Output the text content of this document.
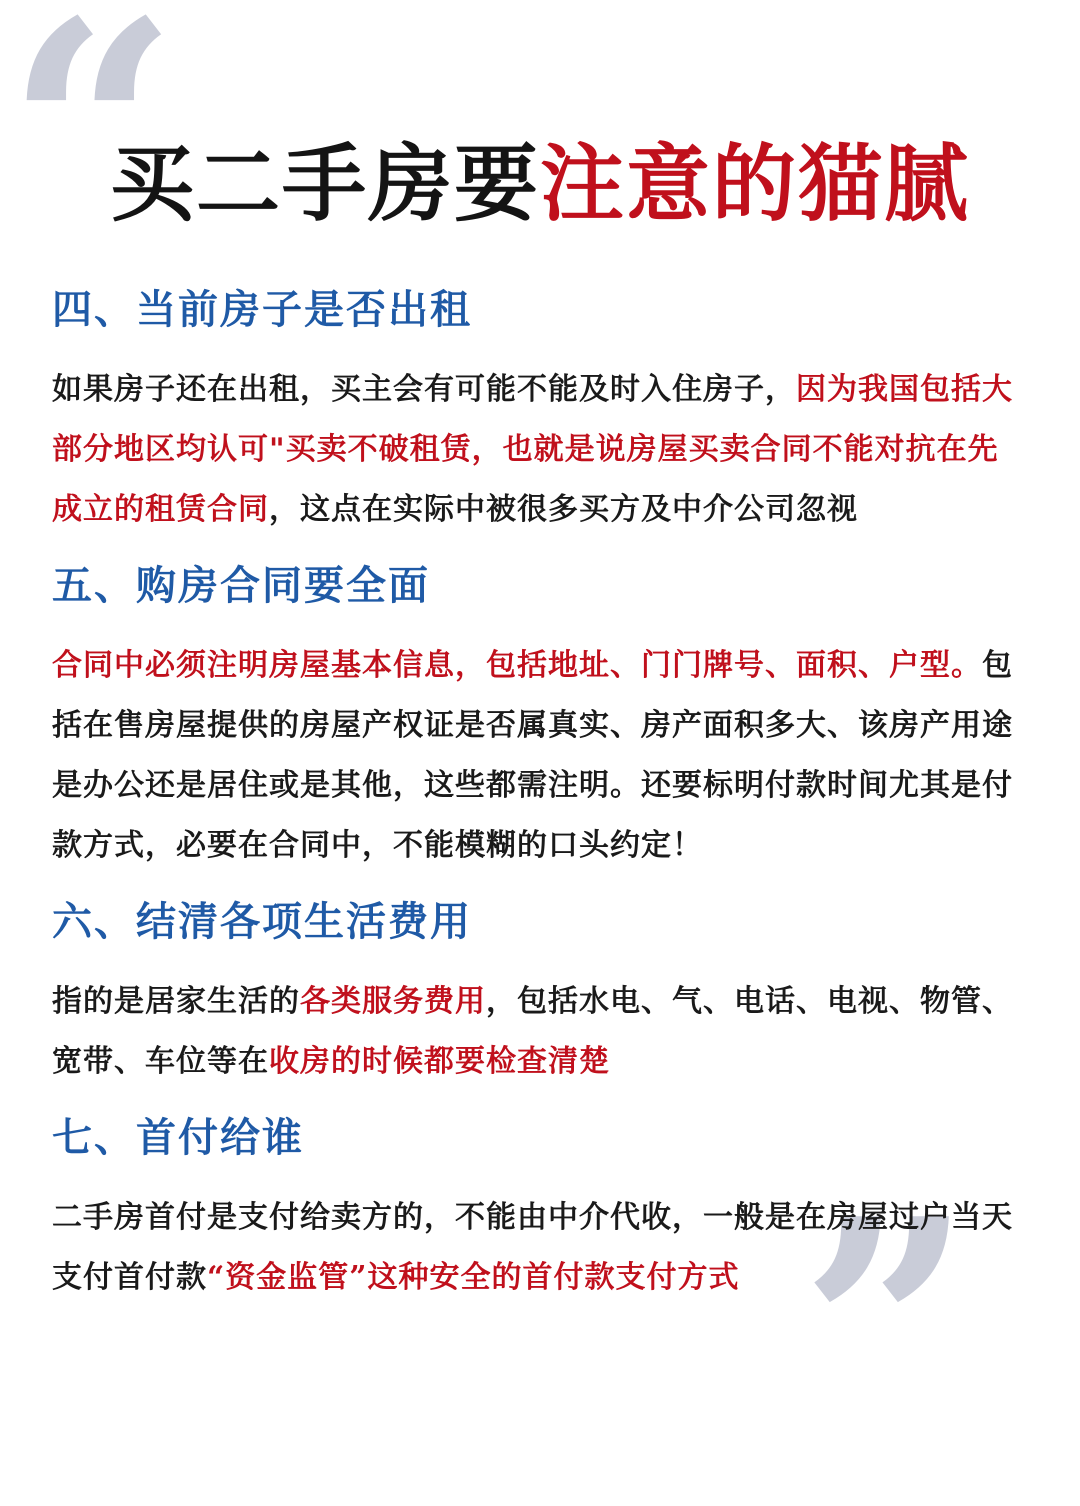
“
”
买二手房要注意的猫腻
四、当前房子是否出租

如果房子还在出租，买主会有可能不能及时入住房子，因为我国包括大部分地区均认可"买卖不破租赁，也就是说房屋买卖合同不能对抗在先成立的租赁合同，这点在实际中被很多买方及中介公司忽视

五、购房合同要全面

合同中必须注明房屋基本信息，包括地址、门门牌号、面积、户型。包括在售房屋提供的房屋产权证是否属真实、房产面积多大、该房产用途是办公还是居住或是其他，这些都需注明。还要标明付款时间尤其是付款方式，必要在合同中，不能模糊的口头约定！

六、结清各项生活费用

指的是居家生活的各类服务费用，包括水电、气、电话、电视、物管、宽带、车位等在收房的时候都要检查清楚

七、首付给谁

二手房首付是支付给卖方的，不能由中介代收，一般是在房屋过户当天支付首付款“资金监管”这种安全的首付款支付方式
